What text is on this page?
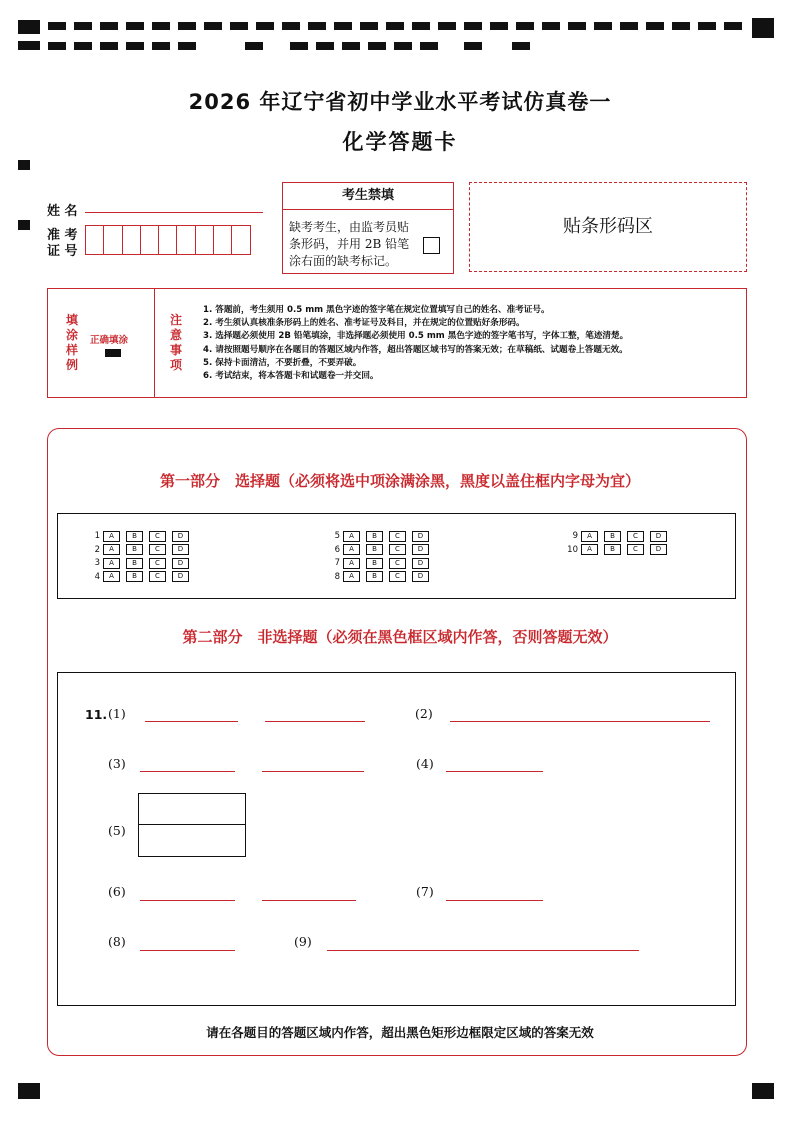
2026 年辽宁省初中学业水平考试仿真卷一
化学答题卡
姓 名
准 考
证 号
考生禁填
缺考考生，由监考员贴条形码，并用 2B 铅笔涂右面的缺考标记。
贴条形码区
填
涂
样
例
正确填涂
注
意
事
项
1. 答题前，考生须用 0.5 mm 黑色字迹的签字笔在规定位置填写自己的姓名、准考证号。
2. 考生须认真核准条形码上的姓名、准考证号及科目，并在规定的位置贴好条形码。
3. 选择题必须使用 2B 铅笔填涂，非选择题必须使用 0.5 mm 黑色字迹的签字笔书写，字体工整，笔迹清楚。
4. 请按照题号顺序在各题目的答题区域内作答，超出答题区域书写的答案无效；在草稿纸、试题卷上答题无效。
5. 保持卡面清洁，不要折叠，不要弄破。
6. 考试结束，将本答题卡和试题卷一并交回。
第一部分　选择题（必须将选中项涂满涂黑，黑度以盖住框内字母为宜）
1	A	B	C	D
2	A	B	C	D
3	A	B	C	D
4	A	B	C	D
5	A	B	C	D
6	A	B	C	D
7	A	B	C	D
8	A	B	C	D
9	A	B	C	D
10	A	B	C	D
第二部分　非选择题（必须在黑色框区域内作答，否则答题无效）
11. (1)	(2)
(3)	(4)
(5)
(6)	(7)
(8)	(9)
请在各题目的答题区域内作答，超出黑色矩形边框限定区域的答案无效
